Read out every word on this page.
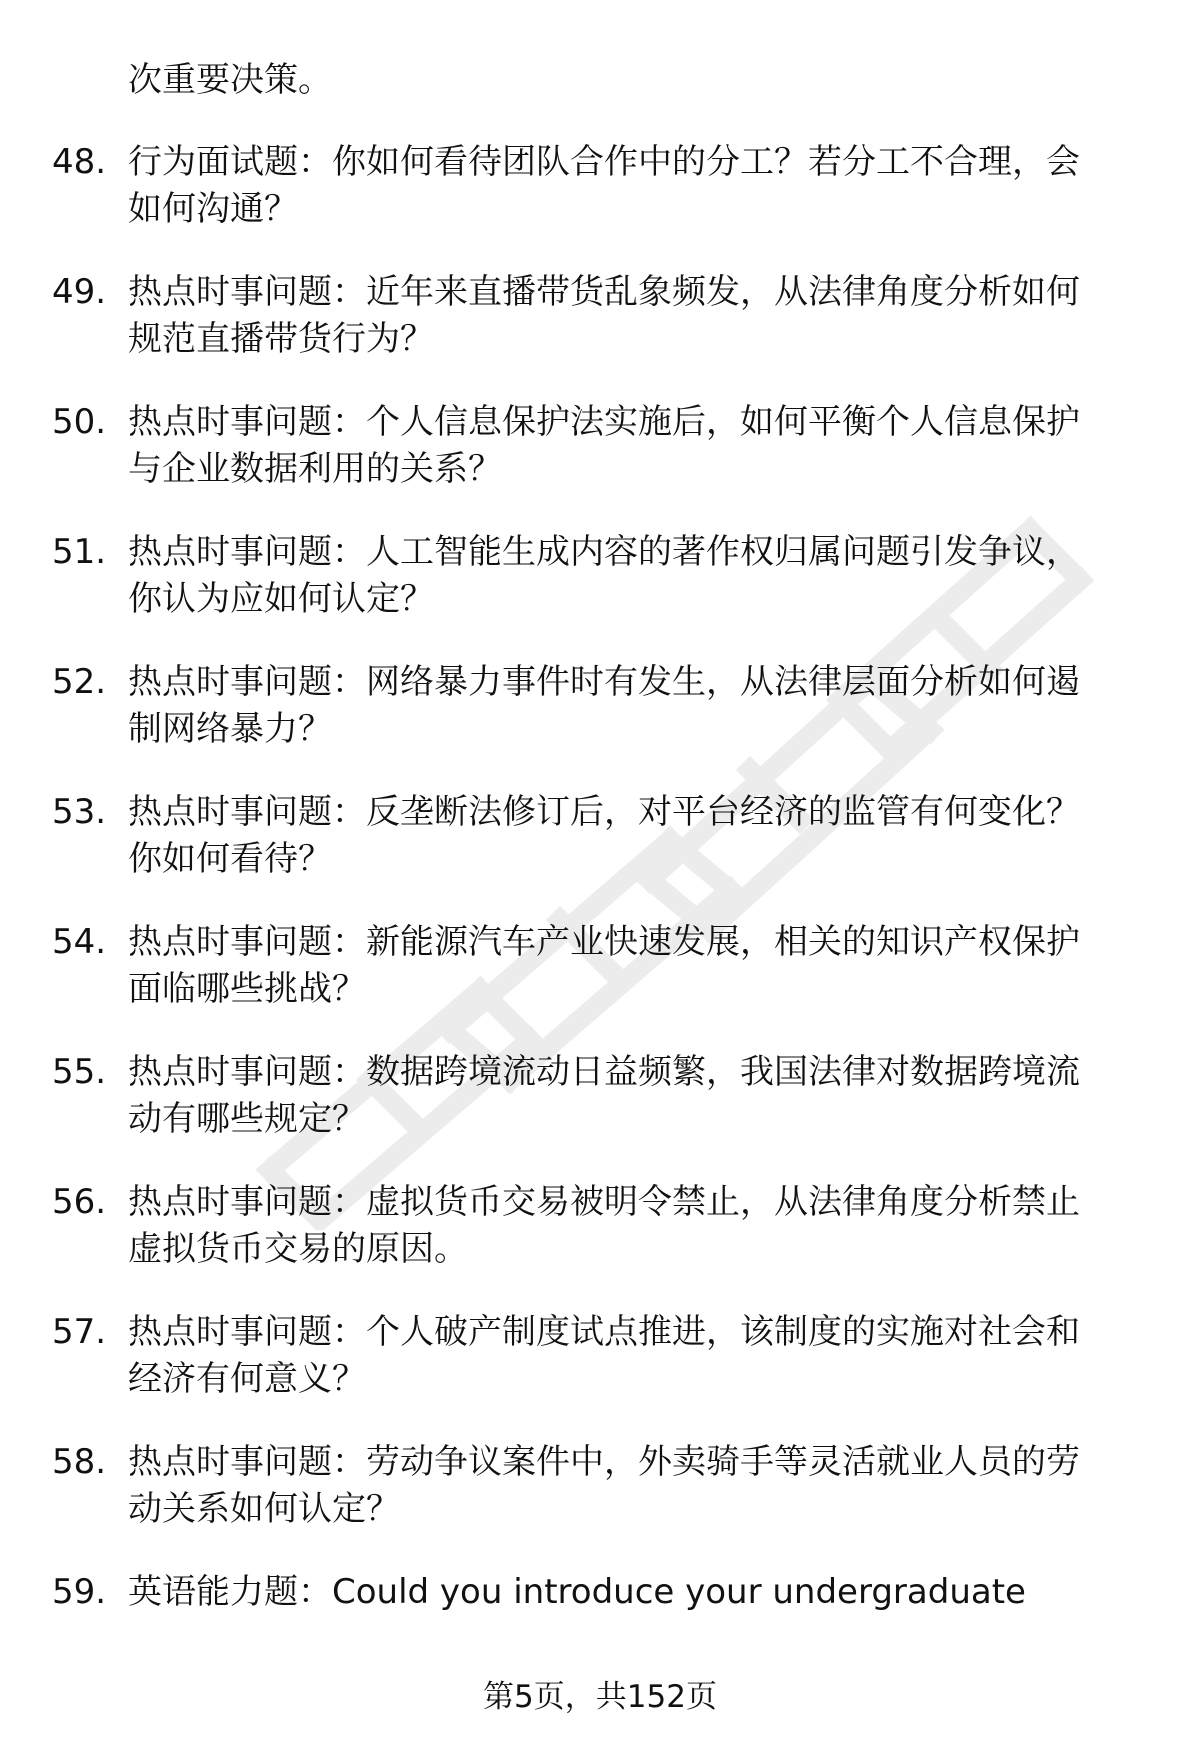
次重要决策。
48. 行为面试题：你如何看待团队合作中的分工？若分工不合理，会
如何沟通？
49. 热点时事问题：近年来直播带货乱象频发，从法律角度分析如何
规范直播带货行为？
50. 热点时事问题：个人信息保护法实施后，如何平衡个人信息保护
与企业数据利用的关系？
51. 热点时事问题：人工智能生成内容的著作权归属问题引发争议，
你认为应如何认定？
52. 热点时事问题：网络暴力事件时有发生，从法律层面分析如何遏
制网络暴力？
53. 热点时事问题：反垄断法修订后，对平台经济的监管有何变化？
你如何看待？
54. 热点时事问题：新能源汽车产业快速发展，相关的知识产权保护
面临哪些挑战？
55. 热点时事问题：数据跨境流动日益频繁，我国法律对数据跨境流
动有哪些规定？
56. 热点时事问题：虚拟货币交易被明令禁止，从法律角度分析禁止
虚拟货币交易的原因。
57. 热点时事问题：个人破产制度试点推进，该制度的实施对社会和
经济有何意义？
58. 热点时事问题：劳动争议案件中，外卖骑手等灵活就业人员的劳
动关系如何认定？
59. 英语能力题：Could you introduce your undergraduate
第5页，共152页
